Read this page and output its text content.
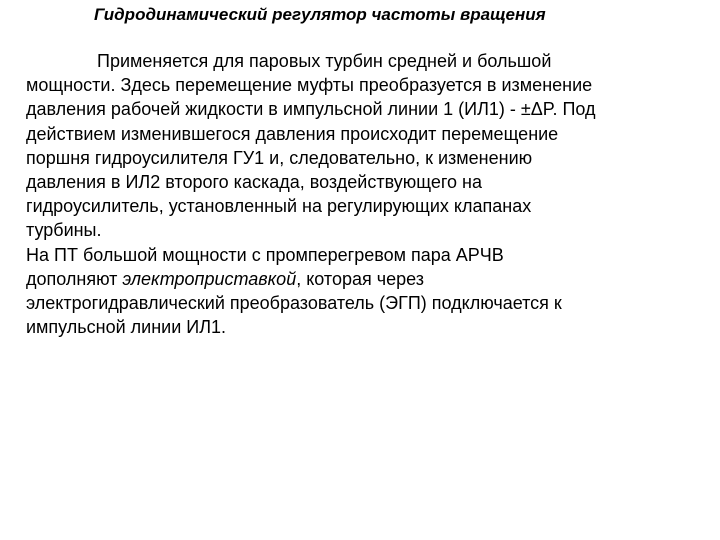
Гидродинамический регулятор частоты вращения
Применяется для паровых турбин средней и большой
мощности. Здесь перемещение муфты преобразуется в изменение
давления рабочей жидкости в импульсной линии 1 (ИЛ1) - ±ΔP. Под
действием изменившегося давления происходит перемещение
поршня гидроусилителя ГУ1 и, следовательно, к изменению
давления в ИЛ2 второго каскада, воздействующего на
гидроусилитель, установленный на регулирующих клапанах
турбины.
На ПТ большой мощности с промперегревом пара АРЧВ
дополняют электроприставкой, которая через
электрогидравлический преобразователь (ЭГП) подключается к
импульсной линии ИЛ1.
